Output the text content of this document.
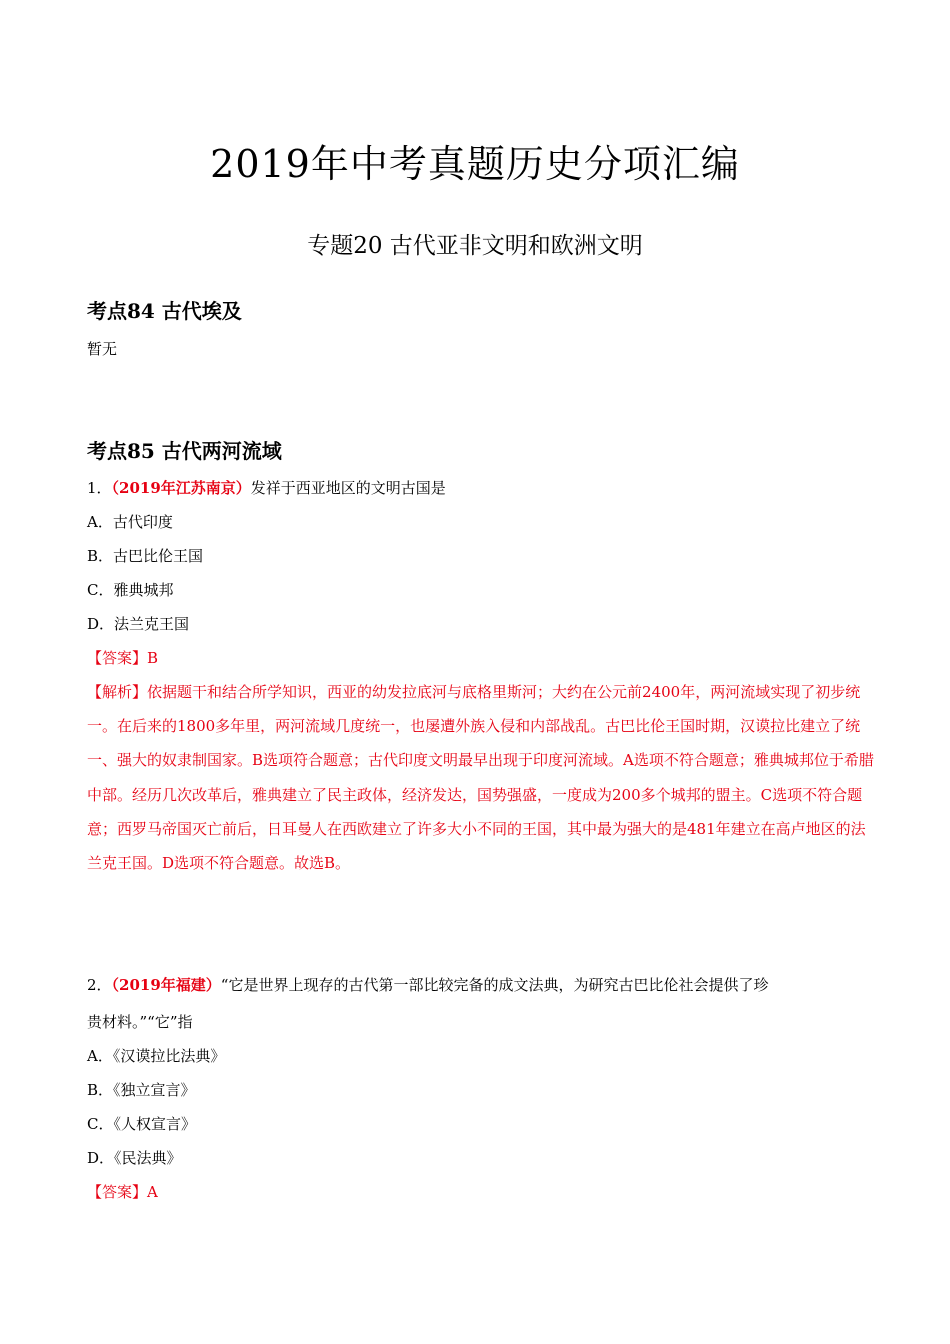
2019年中考真题历史分项汇编
专题20 古代亚非文明和欧洲文明
考点84 古代埃及
暂无
考点85 古代两河流域
1．（2019年江苏南京）发祥于西亚地区的文明古国是
A．古代印度
B．古巴比伦王国
C．雅典城邦
D．法兰克王国
【答案】B
【解析】依据题干和结合所学知识，西亚的幼发拉底河与底格里斯河；大约在公元前2400年，两河流域实现了初步统一。在后来的1800多年里，两河流域几度统一，也屡遭外族入侵和内部战乱。古巴比伦王国时期，汉谟拉比建立了统一、强大的奴隶制国家。B选项符合题意；古代印度文明最早出现于印度河流域。A选项不符合题意；雅典城邦位于希腊中部。经历几次改革后，雅典建立了民主政体，经济发达，国势强盛，一度成为200多个城邦的盟主。C选项不符合题意；西罗马帝国灭亡前后，日耳曼人在西欧建立了许多大小不同的王国，其中最为强大的是481年建立在高卢地区的法兰克王国。D选项不符合题意。故选B。
2．（2019年福建）“它是世界上现存的古代第一部比较完备的成文法典，为研究古巴比伦社会提供了珍
贵材料。”“它”指
A．《汉谟拉比法典》
B．《独立宣言》
C．《人权宣言》
D．《民法典》
【答案】A
